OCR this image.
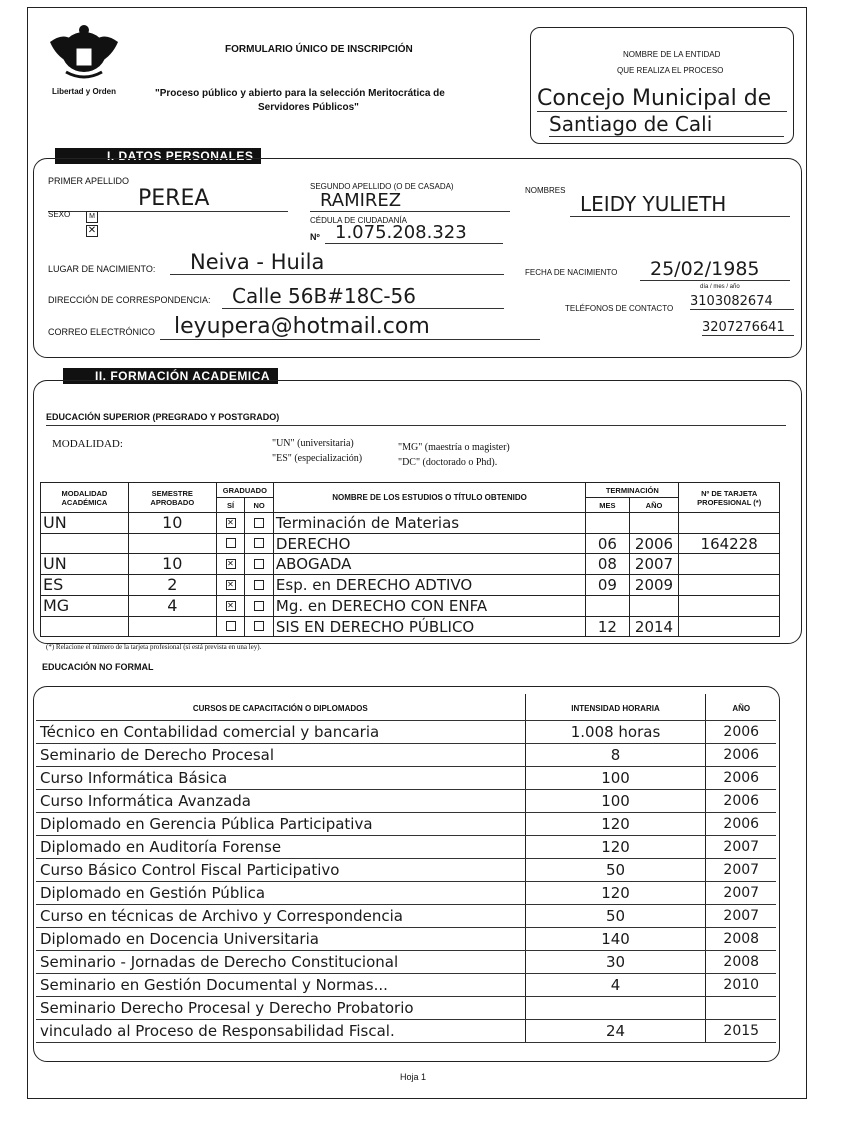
Libertad y Orden
FORMULARIO ÚNICO DE INSCRIPCIÓN
"Proceso público y abierto para la selección Meritocrática de
Servidores Públicos"
NOMBRE DE LA ENTIDAD
QUE REALIZA EL PROCESO
Concejo Municipal de
Santiago de Cali
I. DATOS PERSONALES
PRIMER APELLIDO
PEREA	SEGUNDO APELLIDO (O DE CASADA)
RAMIREZ	NOMBRES
LEIDY YULIETH
SEXO	M
✕
CÉDULA DE CIUDADANÍA
Nº 1.075.208.323
LUGAR DE NACIMIENTO:	Neiva - Huila	FECHA DE NACIMIENTO	25/02/1985
día / mes / año
DIRECCIÓN DE CORRESPONDENCIA:	Calle 56B#18C-56
TELÉFONOS DE CONTACTO 3103082674
3207276641
CORREO ELECTRÓNICO leyupera@hotmail.com
II. FORMACIÓN ACADEMICA
EDUCACIÓN SUPERIOR (PREGRADO Y POSTGRADO)
MODALIDAD:	"UN" (universitaria)	"MG" (maestría o magister)
"ES" (especialización)	"DC" (doctorado o Phd).
MODALIDAD ACADÉMICA	SEMESTRE APROBADO	GRADUADO		NOMBRE DE LOS ESTUDIOS O TÍTULO OBTENIDO	TERMINACIÓN		Nº DE TARJETA PROFESIONAL (*)
		SÍ	NO		MES	AÑO	
UN	10	✕		Terminación de Materias			
				DERECHO	06	2006	164228
UN	10	✕		ABOGADA	08	2007	
ES	2	✕		Esp. en DERECHO ADTIVO	09	2009	
MG	4	✕		Mg. en DERECHO CON ENFA			
				SIS EN DERECHO PÚBLICO	12	2014	
(*) Relacione el número de la tarjeta profesional (si está prevista en una ley).
EDUCACIÓN NO FORMAL
CURSOS DE CAPACITACIÓN O DIPLOMADOS	INTENSIDAD HORARIA	AÑO
Técnico en Contabilidad comercial y bancaria	1.008 horas	2006
Seminario de Derecho Procesal	8	2006
Curso Informática Básica	100	2006
Curso Informática Avanzada	100	2006
Diplomado en Gerencia Pública Participativa	120	2006
Diplomado en Auditoría Forense	120	2007
Curso Básico Control Fiscal Participativo	50	2007
Diplomado en Gestión Pública	120	2007
Curso en técnicas de Archivo y Correspondencia	50	2007
Diplomado en Docencia Universitaria	140	2008
Seminario - Jornadas de Derecho Constitucional	30	2008
Seminario en Gestión Documental y Normas...	4	2010
Seminario Derecho Procesal y Derecho Probatorio		
vinculado al Proceso de Responsabilidad Fiscal.	24	2015
Hoja 1
